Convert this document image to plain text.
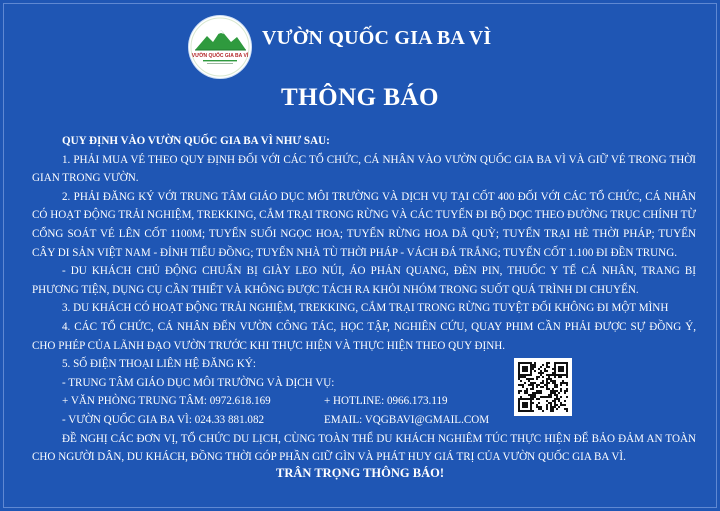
VƯỜN QUỐC GIA BA VÌ
VƯỜN QUỐC GIA BA VÌ
THÔNG BÁO

QUY ĐỊNH VÀO VƯỜN QUỐC GIA BA VÌ NHƯ SAU:

1. PHẢI MUA VÉ THEO QUY ĐỊNH ĐỐI VỚI CÁC TỔ CHỨC, CÁ NHÂN VÀO VƯỜN QUỐC GIA BA VÌ VÀ GIỮ VÉ TRONG THỜI GIAN TRONG VƯỜN.

2. PHẢI ĐĂNG KÝ VỚI TRUNG TÂM GIÁO DỤC MÔI TRƯỜNG VÀ DỊCH VỤ TẠI CỐT 400 ĐỐI VỚI CÁC TỔ CHỨC, CÁ NHÂN CÓ HOẠT ĐỘNG TRẢI NGHIỆM, TREKKING, CẮM TRẠI TRONG RỪNG VÀ CÁC TUYẾN ĐI BỘ DỌC THEO ĐƯỜNG TRỤC CHÍNH TỪ CỔNG SOÁT VÉ LÊN CỐT 1100M; TUYẾN SUỐI NGỌC HOA; TUYẾN RỪNG HOA DÃ QUỲ; TUYẾN TRẠI HÈ THỜI PHÁP; TUYẾN CÂY DI SẢN VIỆT NAM - ĐỈNH TIỂU ĐỒNG; TUYẾN NHÀ TÙ THỜI PHÁP - VÁCH ĐÁ TRẮNG; TUYẾN CỐT 1.100 ĐI ĐỀN TRUNG.

- DU KHÁCH CHỦ ĐỘNG CHUẨN BỊ GIÀY LEO NÚI, ÁO PHẢN QUANG, ĐÈN PIN, THUỐC Y TẾ CÁ NHÂN, TRANG BỊ PHƯƠNG TIỆN, DỤNG CỤ CẦN THIẾT VÀ KHÔNG ĐƯỢC TÁCH RA KHỎI NHÓM TRONG SUỐT QUÁ TRÌNH DI CHUYỂN.

3. DU KHÁCH CÓ HOẠT ĐỘNG TRẢI NGHIỆM, TREKKING, CẮM TRẠI TRONG RỪNG TUYỆT ĐỐI KHÔNG ĐI MỘT MÌNH

4. CÁC TỔ CHỨC, CÁ NHÂN ĐẾN VƯỜN CÔNG TÁC, HỌC TẬP, NGHIÊN CỨU, QUAY PHIM CẦN PHẢI ĐƯỢC SỰ ĐỒNG Ý, CHO PHÉP CỦA LÃNH ĐẠO VƯỜN TRƯỚC KHI THỰC HIỆN VÀ THỰC HIỆN THEO QUY ĐỊNH.

5. SỐ ĐIỆN THOẠI LIÊN HỆ ĐĂNG KÝ:

- TRUNG TÂM GIÁO DỤC MÔI TRƯỜNG VÀ DỊCH VỤ:

+ VĂN PHÒNG TRUNG TÂM: 0972.618.169	+ HOTLINE: 0966.173.119
- VƯỜN QUỐC GIA BA VÌ: 024.33 881.082	EMAIL: VQGBAVI@GMAIL.COM

ĐỀ NGHỊ CÁC ĐƠN VỊ, TỔ CHỨC DU LỊCH, CÙNG TOÀN THỂ DU KHÁCH NGHIÊM TÚC THỰC HIỆN ĐỂ BẢO ĐẢM AN TOÀN CHO NGƯỜI DÂN, DU KHÁCH, ĐỒNG THỜI GÓP PHẦN GIỮ GÌN VÀ PHÁT HUY GIÁ TRỊ CỦA VƯỜN QUỐC GIA BA VÌ.

TRÂN TRỌNG THÔNG BÁO!
